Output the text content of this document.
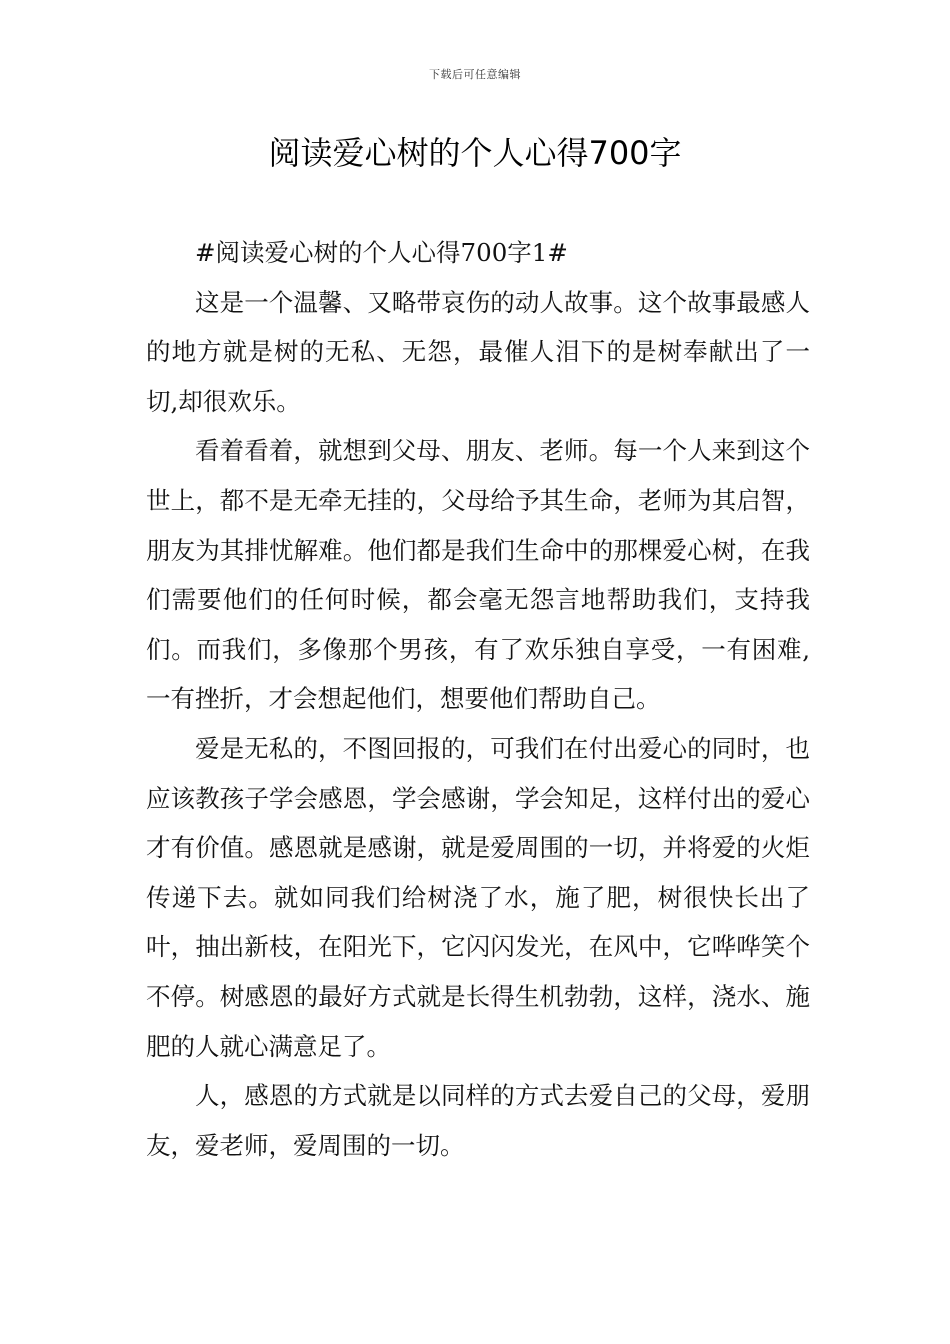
下载后可任意编辑
阅读爱心树的个人心得700字

#阅读爱心树的个人心得700字1#

这是一个温馨、又略带哀伤的动人故事。这个故事最感人的地方就是树的无私、无怨，最催人泪下的是树奉献出了一切,却很欢乐。

看着看着，就想到父母、朋友、老师。每一个人来到这个世上，都不是无牵无挂的，父母给予其生命，老师为其启智，朋友为其排忧解难。他们都是我们生命中的那棵爱心树，在我们需要他们的任何时候，都会毫无怨言地帮助我们，支持我们。而我们，多像那个男孩，有了欢乐独自享受，一有困难,一有挫折，才会想起他们，想要他们帮助自己。

爱是无私的，不图回报的，可我们在付出爱心的同时，也应该教孩子学会感恩，学会感谢，学会知足，这样付出的爱心才有价值。感恩就是感谢，就是爱周围的一切，并将爱的火炬传递下去。就如同我们给树浇了水，施了肥，树很快长出了叶，抽出新枝，在阳光下，它闪闪发光，在风中，它哗哗笑个不停。树感恩的最好方式就是长得生机勃勃，这样，浇水、施肥的人就心满意足了。

人，感恩的方式就是以同样的方式去爱自己的父母，爱朋友，爱老师，爱周围的一切。
